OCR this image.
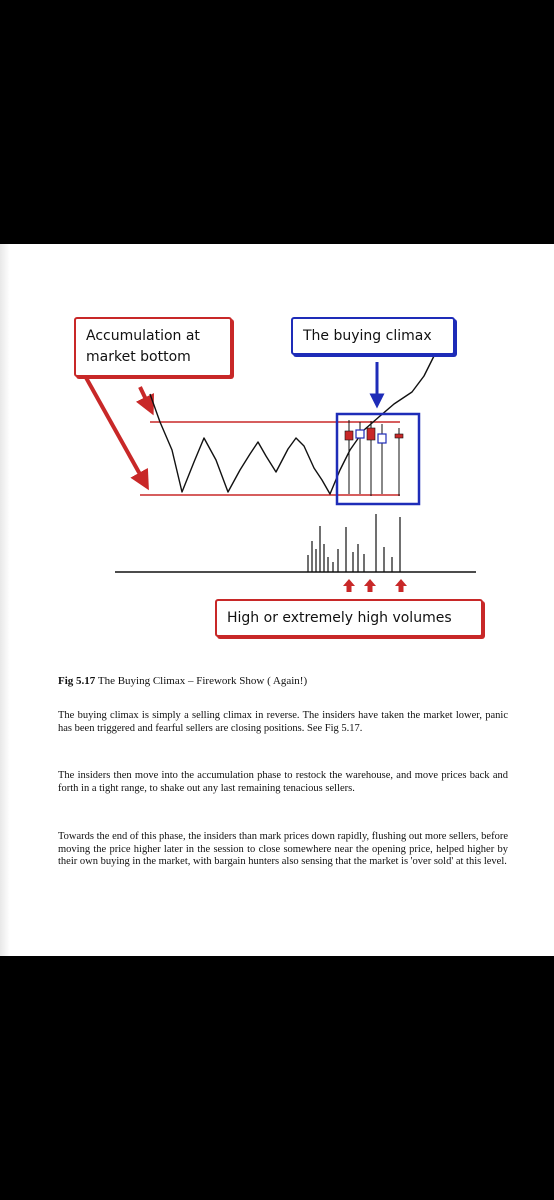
Accumulation at market bottom
The buying climax
High or extremely high volumes
Fig 5.17 The Buying Climax – Firework Show ( Again!)

The buying climax is simply a selling climax in reverse. The insiders have taken the market lower, panic has been triggered and fearful sellers are closing positions. See Fig 5.17.

The insiders then move into the accumulation phase to restock the warehouse, and move prices back and forth in a tight range, to shake out any last remaining tenacious sellers.

Towards the end of this phase, the insiders than mark prices down rapidly, flushing out more sellers, before moving the price higher later in the session to close somewhere near the opening price, helped higher by their own buying in the market, with bargain hunters also sensing that the market is 'over sold' at this level.
